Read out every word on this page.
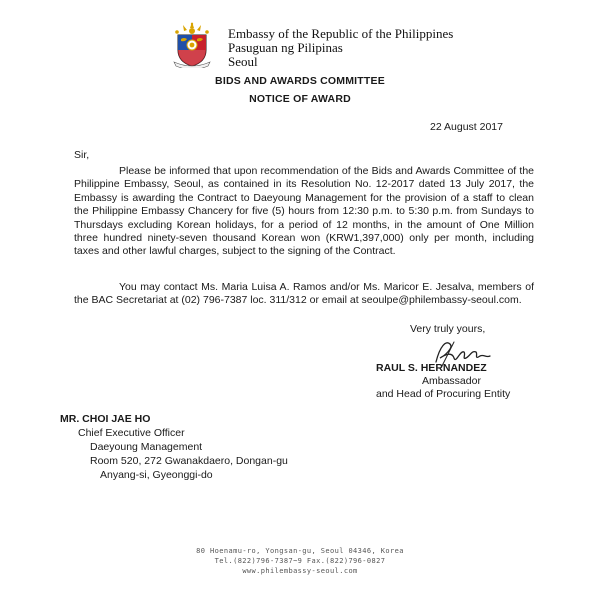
Embassy of the Republic of the Philippines
Pasuguan ng Pilipinas
Seoul
BIDS AND AWARDS COMMITTEE
NOTICE OF AWARD
22 August 2017
Sir,
Please be informed that upon recommendation of the Bids and Awards Committee of the Philippine Embassy, Seoul, as contained in its Resolution No. 12-2017 dated 13 July 2017, the Embassy is awarding the Contract to Daeyoung Management for the provision of a staff to clean the Philippine Embassy Chancery for five (5) hours from 12:30 p.m. to 5:30 p.m. from Sundays to Thursdays excluding Korean holidays, for a period of 12 months, in the amount of One Million three hundred ninety-seven thousand Korean won (KRW1,397,000) only per month, including taxes and other lawful charges, subject to the signing of the Contract.
You may contact Ms. Maria Luisa A. Ramos and/or Ms. Maricor E. Jesalva, members of the BAC Secretariat at (02) 796-7387 loc. 311/312 or email at seoulpe@philembassy-seoul.com.
Very truly yours,
RAUL S. HERNANDEZ
Ambassador
and Head of Procuring Entity
MR. CHOI JAE HO
Chief Executive Officer
Daeyoung Management
Room 520, 272 Gwanakdaero, Dongan-gu
Anyang-si, Gyeonggi-do
80 Hoenamu-ro, Yongsan-gu, Seoul 04346, Korea
Tel.(822)796-7387~9 Fax.(822)796-0827
www.philembassy-seoul.com
